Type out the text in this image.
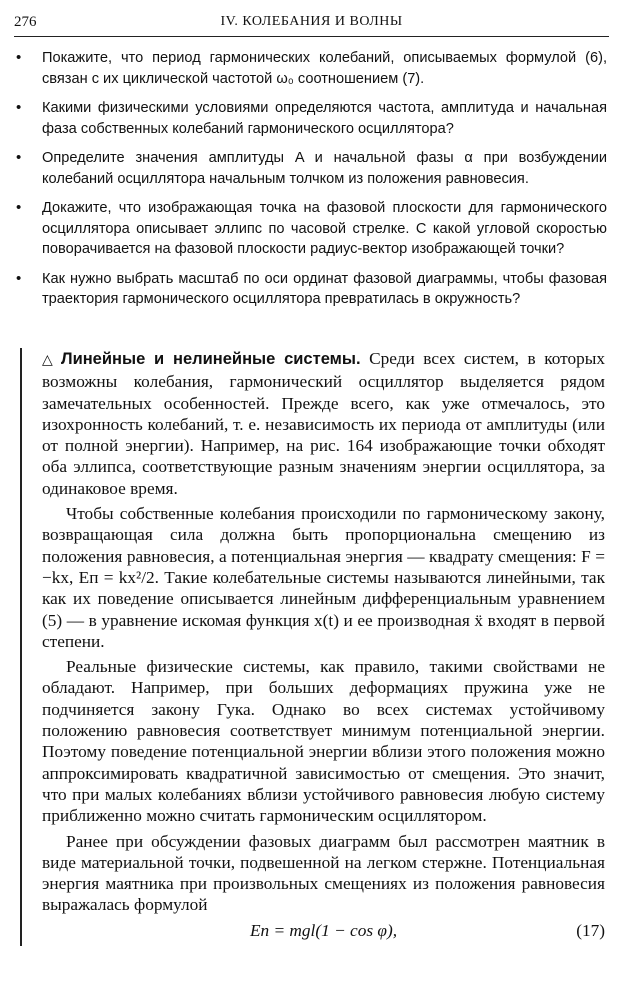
276	IV. КОЛЕБАНИЯ И ВОЛНЫ
• Покажите, что период гармонических колебаний, описываемых формулой (6), связан с их циклической частотой ω₀ соотношением (7).
• Какими физическими условиями определяются частота, амплитуда и начальная фаза собственных колебаний гармонического осциллятора?
• Определите значения амплитуды A и начальной фазы α при возбуждении колебаний осциллятора начальным толчком из положения равновесия.
• Докажите, что изображающая точка на фазовой плоскости для гармонического осциллятора описывает эллипс по часовой стрелке. С какой угловой скоростью поворачивается на фазовой плоскости радиус-вектор изображающей точки?
• Как нужно выбрать масштаб по оси ординат фазовой диаграммы, чтобы фазовая траектория гармонического осциллятора превратилась в окружность?

△ Линейные и нелинейные системы. Среди всех систем, в которых возможны колебания, гармонический осциллятор выделяется рядом замечательных особенностей. Прежде всего, как уже отмечалось, это изохронность колебаний, т. е. независимость их периода от амплитуды (или от полной энергии). Например, на рис. 164 изображающие точки обходят оба эллипса, соответствующие разным значениям энергии осциллятора, за одинаковое время.

Чтобы собственные колебания происходили по гармоническому закону, возвращающая сила должна быть пропорциональна смещению из положения равновесия, а потенциальная энергия — квадрату смещения: F = −kx, Eп = kx²/2. Такие колебательные системы называются линейными, так как их поведение описывается линейным дифференциальным уравнением (5) — в уравнение искомая функция x(t) и ее производная ẍ входят в первой степени.

Реальные физические системы, как правило, такими свойствами не обладают. Например, при больших деформациях пружина уже не подчиняется закону Гука. Однако во всех системах устойчивому положению равновесия соответствует минимум потенциальной энергии. Поэтому поведение потенциальной энергии вблизи этого положения можно аппроксимировать квадратичной зависимостью от смещения. Это значит, что при малых колебаниях вблизи устойчивого равновесия любую систему приближенно можно считать гармоническим осциллятором.

Ранее при обсуждении фазовых диаграмм был рассмотрен маятник в виде материальной точки, подвешенной на легком стержне. Потенциальная энергия маятника при произвольных смещениях из положения равновесия выражалась формулой

Eп = mgl(1 − cos φ),	(17)
